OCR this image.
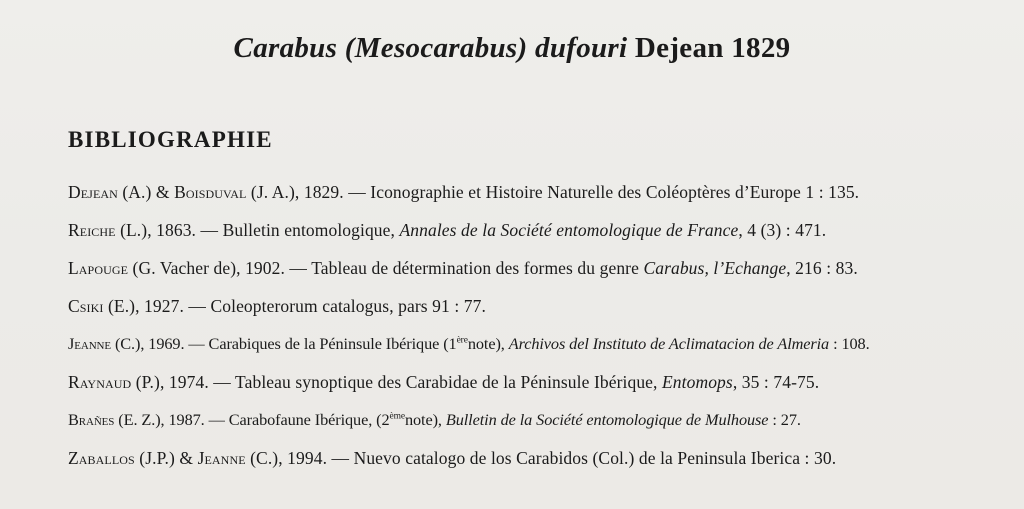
Carabus (Mesocarabus) dufouri Dejean 1829
BIBLIOGRAPHIE
Dejean (A.) & Boisduval (J. A.), 1829. — Iconographie et Histoire Naturelle des Coléoptères d’Europe 1 : 135.
Reiche (L.), 1863. — Bulletin entomologique, Annales de la Société entomologique de France, 4 (3) : 471.
Lapouge (G. Vacher de), 1902. — Tableau de détermination des formes du genre Carabus, l’Echange, 216 : 83.
Csiki (E.), 1927. — Coleopterorum catalogus, pars 91 : 77.
Jeanne (C.), 1969. — Carabiques de la Péninsule Ibérique (1èrenote), Archivos del Instituto de Aclimatacion de Almeria : 108.
Raynaud (P.), 1974. — Tableau synoptique des Carabidae de la Péninsule Ibérique, Entomops, 35 : 74-75.
Brañes (E. Z.), 1987. — Carabofaune Ibérique, (2èmenote), Bulletin de la Société entomologique de Mulhouse : 27.
Zaballos (J.P.) & Jeanne (C.), 1994. — Nuevo catalogo de los Carabidos (Col.) de la Peninsula Iberica : 30.
